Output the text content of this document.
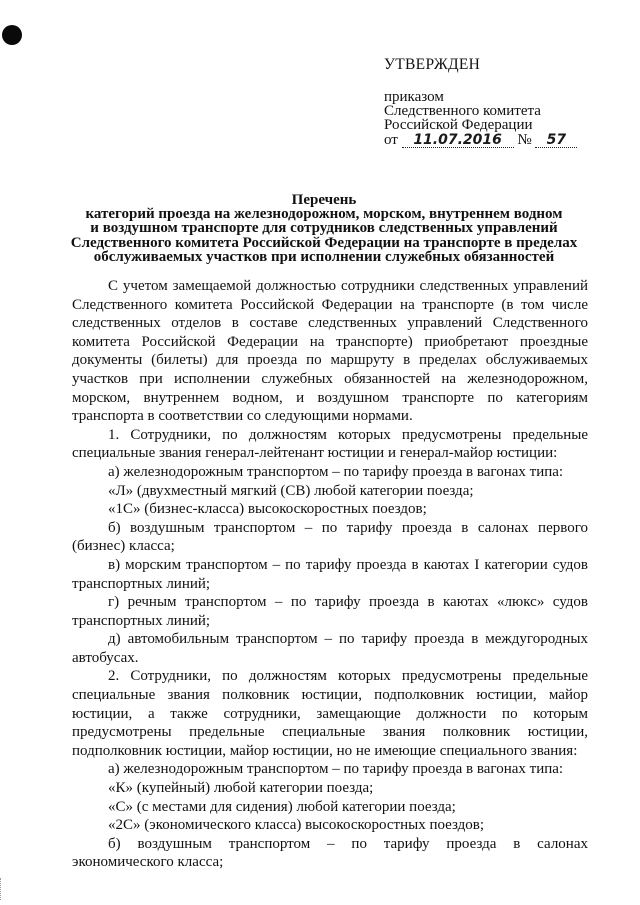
УТВЕРЖДЕН
приказом
Следственного комитета
Российской Федерации
от 11.07.2016 № 57
Перечень
категорий проезда на железнодорожном, морском, внутреннем водном
и воздушном транспорте для сотрудников следственных управлений
Следственного комитета Российской Федерации на транспорте в пределах
обслуживаемых участков при исполнении служебных обязанностей

С учетом замещаемой должностью сотрудники следственных управлений Следственного комитета Российской Федерации на транспорте (в том числе следственных отделов в составе следственных управлений Следственного комитета Российской Федерации на транспорте) приобретают проездные документы (билеты) для проезда по маршруту в пределах обслуживаемых участков при исполнении служебных обязанностей на железнодорожном, морском, внутреннем водном, и воздушном транспорте по категориям транспорта в соответствии со следующими нормами.

1. Сотрудники, по должностям которых предусмотрены предельные специальные звания генерал-лейтенант юстиции и генерал-майор юстиции:

а) железнодорожным транспортом – по тарифу проезда в вагонах типа:

«Л» (двухместный мягкий (СВ) любой категории поезда;

«1С» (бизнес-класса) высокоскоростных поездов;

б) воздушным транспортом – по тарифу проезда в салонах первого (бизнес) класса;

в) морским транспортом – по тарифу проезда в каютах I категории судов транспортных линий;

г) речным транспортом – по тарифу проезда в каютах «люкс» судов транспортных линий;

д) автомобильным транспортом – по тарифу проезда в междугородных автобусах.

2. Сотрудники, по должностям которых предусмотрены предельные специальные звания полковник юстиции, подполковник юстиции, майор юстиции, а также сотрудники, замещающие должности по которым предусмотрены предельные специальные звания полковник юстиции, подполковник юстиции, майор юстиции, но не имеющие специального звания:

а) железнодорожным транспортом – по тарифу проезда в вагонах типа:

«К» (купейный) любой категории поезда;

«С» (с местами для сидения) любой категории поезда;

«2С» (экономического класса) высокоскоростных поездов;

б) воздушным транспортом – по тарифу проезда в салонах экономического класса;
